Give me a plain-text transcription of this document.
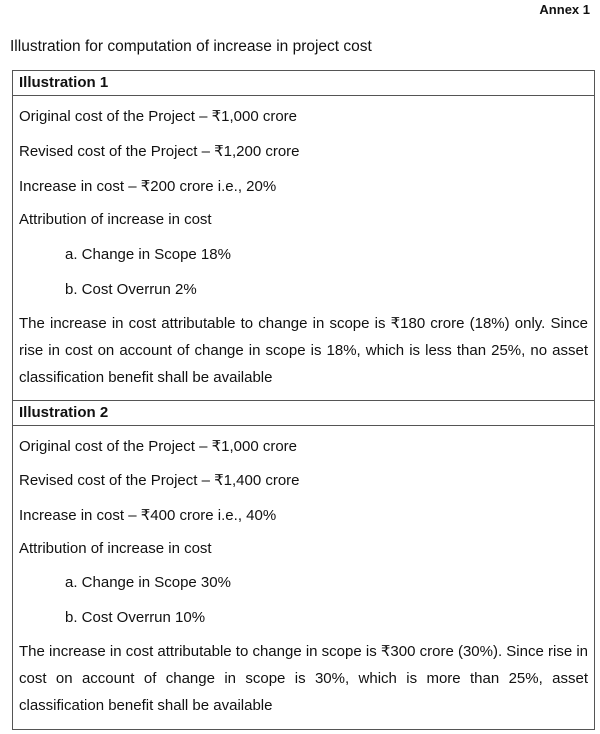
Annex 1
Illustration for computation of increase in project cost
Illustration 1
Original cost of the Project – ₹1,000 crore
Revised cost of the Project – ₹1,200 crore
Increase in cost – ₹200 crore i.e., 20%
Attribution of increase in cost
a. Change in Scope 18%
b. Cost Overrun 2%
The increase in cost attributable to change in scope is ₹180 crore (18%) only. Since rise in cost on account of change in scope is 18%, which is less than 25%, no asset classification benefit shall be available
Illustration 2
Original cost of the Project – ₹1,000 crore
Revised cost of the Project – ₹1,400 crore
Increase in cost – ₹400 crore i.e., 40%
Attribution of increase in cost
a. Change in Scope 30%
b. Cost Overrun 10%
The increase in cost attributable to change in scope is ₹300 crore (30%). Since rise in cost on account of change in scope is 30%, which is more than 25%, asset classification benefit shall be available
